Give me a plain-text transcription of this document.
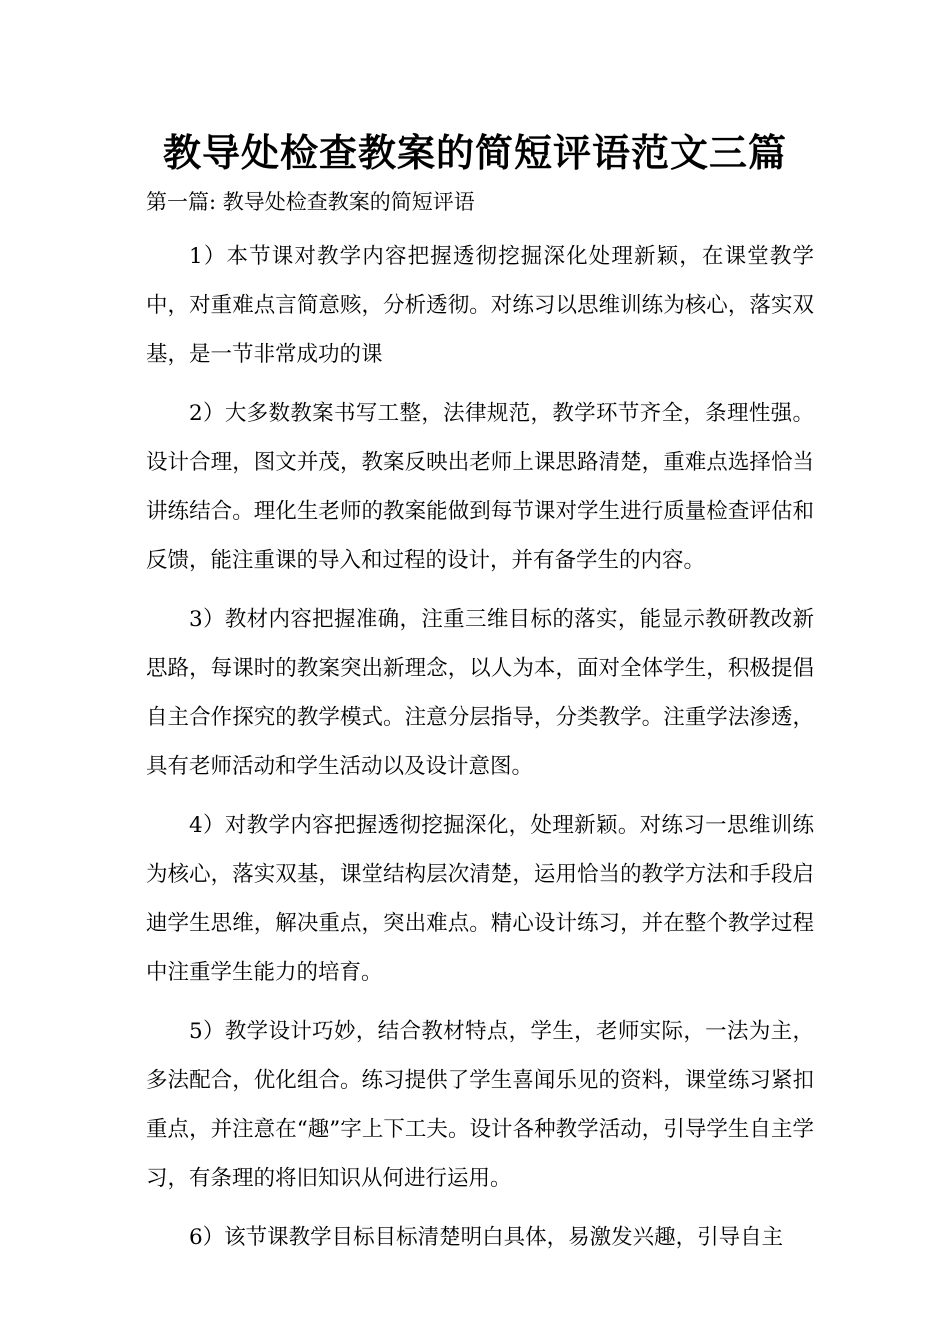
教导处检查教案的简短评语范文三篇

第一篇: 教导处检查教案的简短评语

1）本节课对教学内容把握透彻挖掘深化处理新颖，在课堂教学中，对重难点言简意赅，分析透彻。对练习以思维训练为核心，落实双基，是一节非常成功的课

2）大多数教案书写工整，法律规范，教学环节齐全，条理性强。设计合理，图文并茂，教案反映出老师上课思路清楚，重难点选择恰当讲练结合。理化生老师的教案能做到每节课对学生进行质量检查评估和反馈，能注重课的导入和过程的设计，并有备学生的内容。

3）教材内容把握准确，注重三维目标的落实，能显示教研教改新思路，每课时的教案突出新理念，以人为本，面对全体学生，积极提倡自主合作探究的教学模式。注意分层指导，分类教学。注重学法渗透，具有老师活动和学生活动以及设计意图。

4）对教学内容把握透彻挖掘深化，处理新颖。对练习一思维训练为核心，落实双基，课堂结构层次清楚，运用恰当的教学方法和手段启迪学生思维，解决重点，突出难点。精心设计练习，并在整个教学过程中注重学生能力的培育。

5）教学设计巧妙，结合教材特点，学生，老师实际，一法为主，多法配合，优化组合。练习提供了学生喜闻乐见的资料，课堂练习紧扣重点，并注意在“趣”字上下工夫。设计各种教学活动，引导学生自主学习，有条理的将旧知识从何进行运用。

6）该节课教学目标目标清楚明白具体，易激发兴趣，引导自主
